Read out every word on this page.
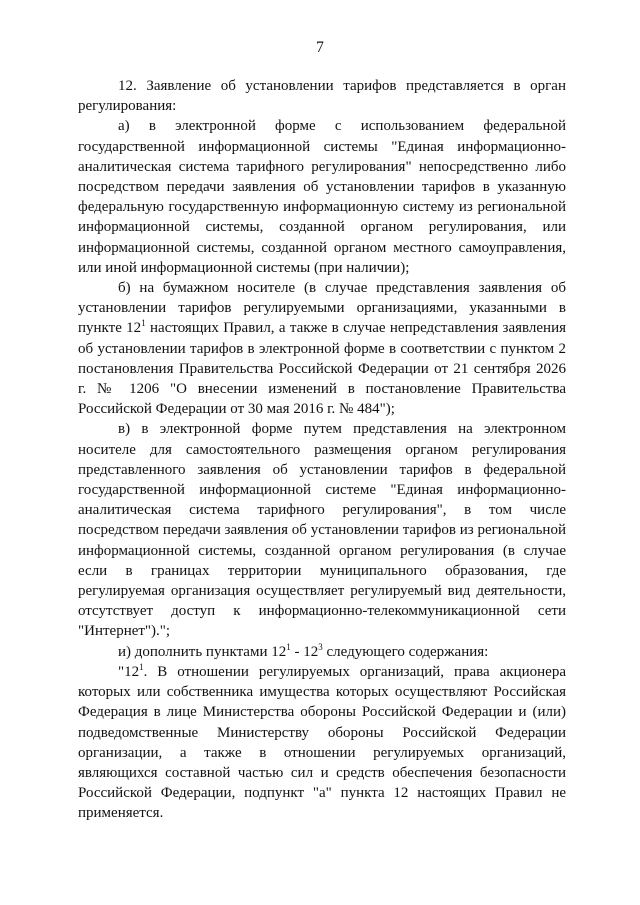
7

12. Заявление об установлении тарифов представляется в орган регулирования:

а) в электронной форме с использованием федеральной государственной информационной системы "Единая информационно-аналитическая система тарифного регулирования" непосредственно либо посредством передачи заявления об установлении тарифов в указанную федеральную государственную информационную систему из региональной информационной системы, созданной органом регулирования, или информационной системы, созданной органом местного самоуправления, или иной информационной системы (при наличии);

б) на бумажном носителе (в случае представления заявления об установлении тарифов регулируемыми организациями, указанными в пункте $12^1$ настоящих Правил, а также в случае непредставления заявления об установлении тарифов в электронной форме в соответствии с пунктом 2 постановления Правительства Российской Федерации от 21 сентября 2026 г. № 1206 "О внесении изменений в постановление Правительства Российской Федерации от 30 мая 2016 г. № 484");

в) в электронной форме путем представления на электронном носителе для самостоятельного размещения органом регулирования представленного заявления об установлении тарифов в федеральной государственной информационной системе "Единая информационно-аналитическая система тарифного регулирования", в том числе посредством передачи заявления об установлении тарифов из региональной информационной системы, созданной органом регулирования (в случае если в границах территории муниципального образования, где регулируемая организация осуществляет регулируемый вид деятельности, отсутствует доступ к информационно-телекоммуникационной сети "Интернет").";

и) дополнить пунктами $12^1 - 12^3$ следующего содержания:

"$12^1$. В отношении регулируемых организаций, права акционера которых или собственника имущества которых осуществляют Российская Федерация в лице Министерства обороны Российской Федерации и (или) подведомственные Министерству обороны Российской Федерации организации, а также в отношении регулируемых организаций, являющихся составной частью сил и средств обеспечения безопасности Российской Федерации, подпункт "а" пункта 12 настоящих Правил не применяется.
